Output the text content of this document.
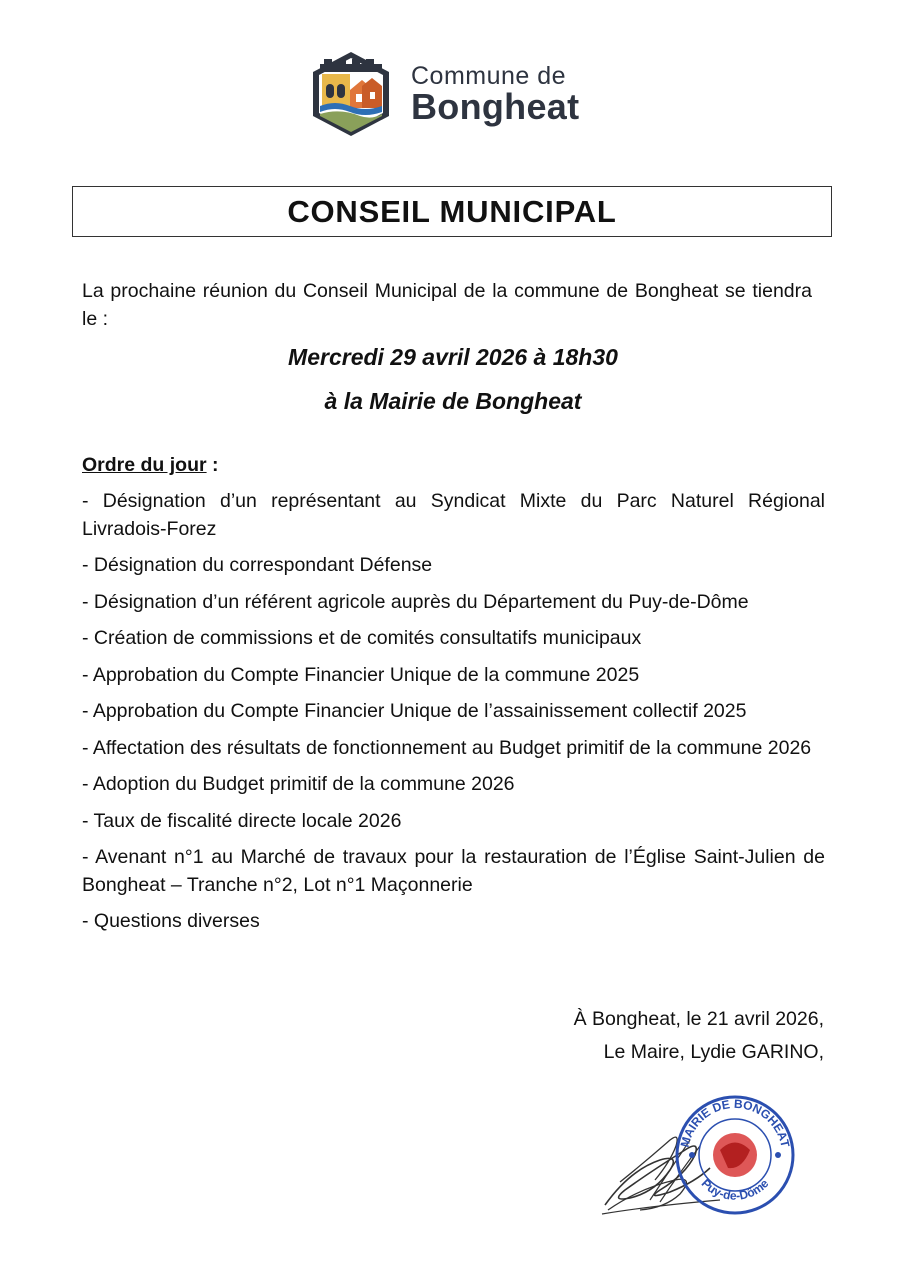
Commune de
Bongheat
CONSEIL MUNICIPAL
La prochaine réunion du Conseil Municipal de la commune de Bongheat se tiendra le :
Mercredi 29 avril 2026 à 18h30
à la Mairie de Bongheat
Ordre du jour :
- Désignation d’un représentant au Syndicat Mixte du Parc Naturel Régional Livradois-Forez
- Désignation du correspondant Défense
- Désignation d’un référent agricole auprès du Département du Puy-de-Dôme
- Création de commissions et de comités consultatifs municipaux
- Approbation du Compte Financier Unique de la commune 2025
- Approbation du Compte Financier Unique de l’assainissement collectif 2025
- Affectation des résultats de fonctionnement au Budget primitif de la commune 2026
- Adoption du Budget primitif de la commune 2026
- Taux de fiscalité directe locale 2026
- Avenant n°1 au Marché de travaux pour la restauration de l’Église Saint-Julien de Bongheat – Tranche n°2, Lot n°1 Maçonnerie
- Questions diverses
À Bongheat, le 21 avril 2026,
Le Maire, Lydie GARINO,
MAIRIE DE BONGHEAT
Puy-de-Dôme
